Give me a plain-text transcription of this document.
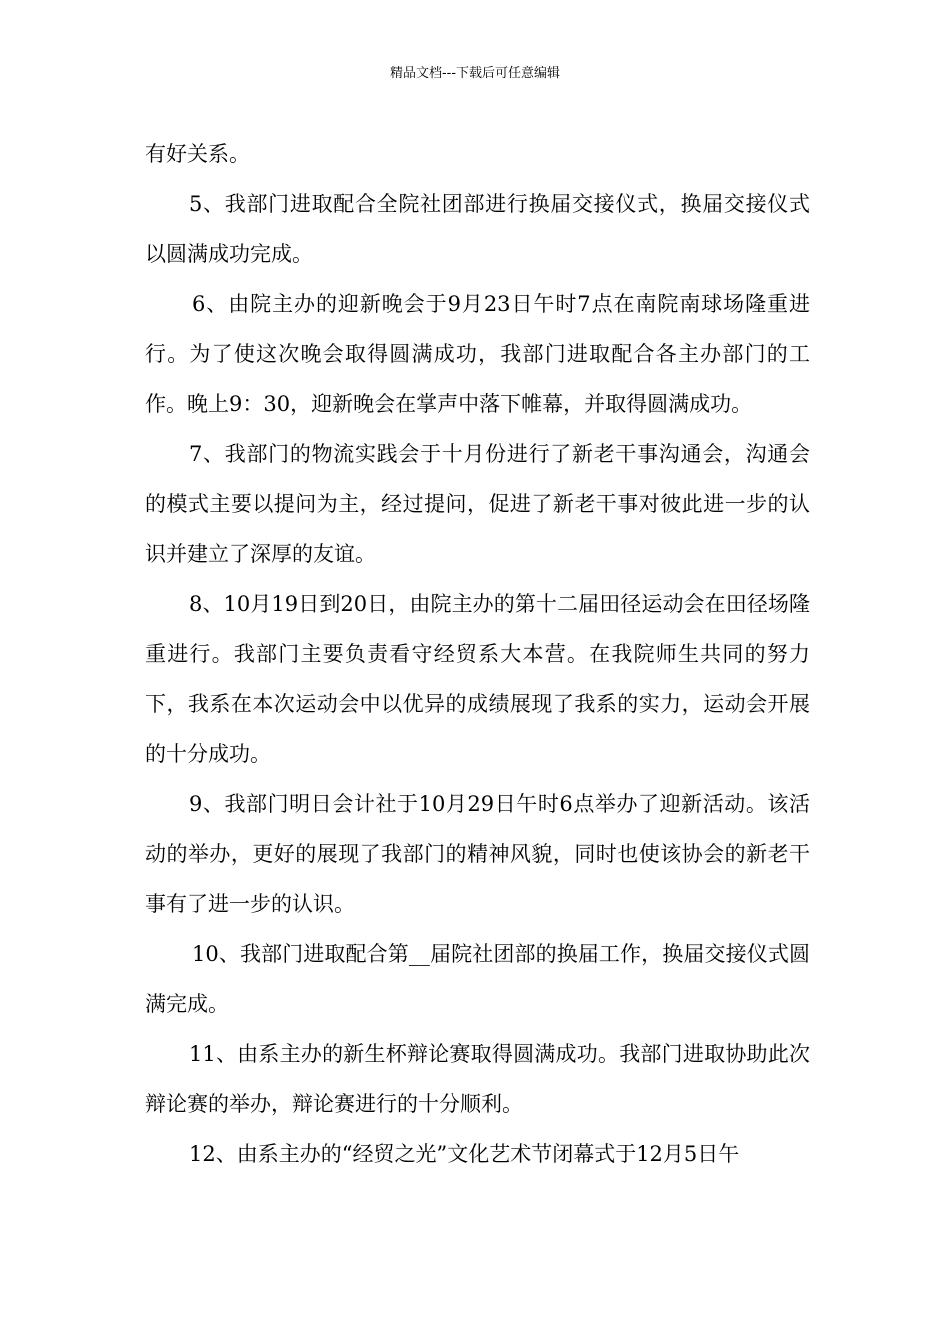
精品文档---下载后可任意编辑

有好关系。

5、我部门进取配合全院社团部进行换届交接仪式，换届交接仪式以圆满成功完成。

6、由院主办的迎新晚会于9月23日午时7点在南院南球场隆重进行。为了使这次晚会取得圆满成功，我部门进取配合各主办部门的工作。晚上9：30，迎新晚会在掌声中落下帷幕，并取得圆满成功。

7、我部门的物流实践会于十月份进行了新老干事沟通会，沟通会的模式主要以提问为主，经过提问，促进了新老干事对彼此进一步的认识并建立了深厚的友谊。

8、10月19日到20日，由院主办的第十二届田径运动会在田径场隆重进行。我部门主要负责看守经贸系大本营。在我院师生共同的努力下，我系在本次运动会中以优异的成绩展现了我系的实力，运动会开展的十分成功。

9、我部门明日会计社于10月29日午时6点举办了迎新活动。该活动的举办，更好的展现了我部门的精神风貌，同时也使该协会的新老干事有了进一步的认识。

10、我部门进取配合第__届院社团部的换届工作，换届交接仪式圆满完成。

11、由系主办的新生杯辩论赛取得圆满成功。我部门进取协助此次辩论赛的举办，辩论赛进行的十分顺利。

12、由系主办的“经贸之光”文化艺术节闭幕式于12月5日午
